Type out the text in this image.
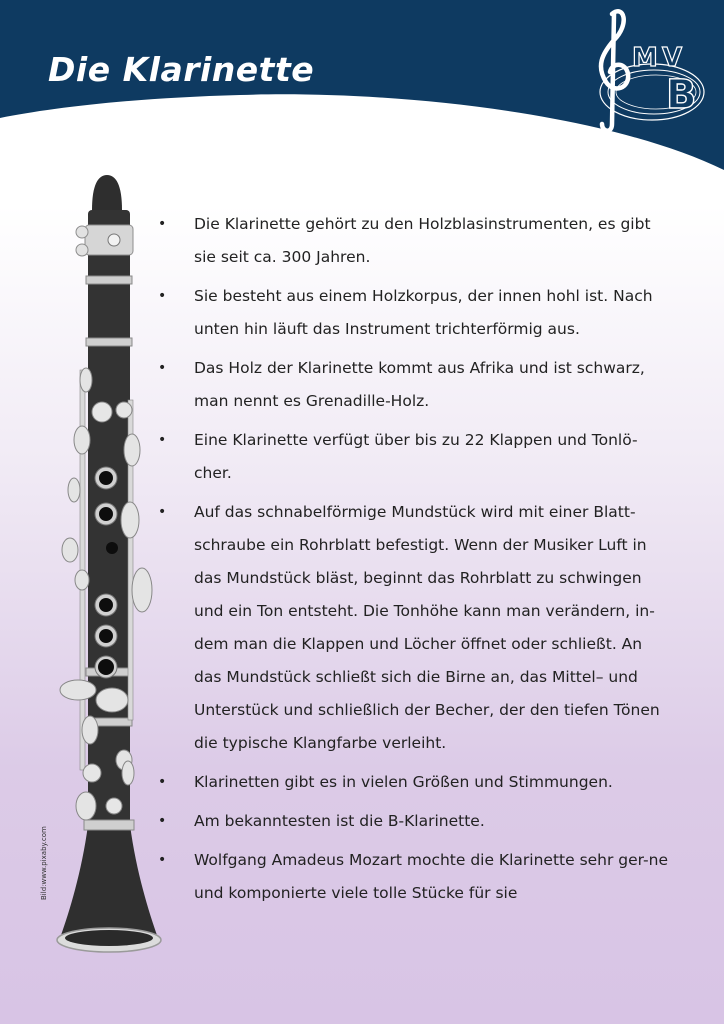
Die Klarinette	M V
B
Bild:www.pixaby.com
• Die Klarinette gehört zu den Holzblasinstrumenten, es gibt sie seit ca. 300 Jahren.
• Sie besteht aus einem Holzkorpus, der innen hohl ist. Nach unten hin läuft das Instrument trichterförmig aus.
• Das Holz der Klarinette kommt aus Afrika und ist schwarz, man nennt es Grenadille-Holz.
• Eine Klarinette verfügt über bis zu 22 Klappen und Tonlö-cher.
• Auf das schnabelförmige Mundstück wird mit einer Blatt-schraube ein Rohrblatt befestigt. Wenn der Musiker Luft in das Mundstück bläst, beginnt das Rohrblatt zu schwingen und ein Ton entsteht. Die Tonhöhe kann man verändern, in-dem man die Klappen und Löcher öffnet oder schließt. An das Mundstück schließt sich die Birne an, das Mittel– und Unterstück und schließlich der Becher, der den tiefen Tönen die typische Klangfarbe verleiht.
• Klarinetten gibt es in vielen Größen und Stimmungen.
• Am bekanntesten ist die B-Klarinette.
• Wolfgang Amadeus Mozart mochte die Klarinette sehr ger-ne und komponierte viele tolle Stücke für sie
